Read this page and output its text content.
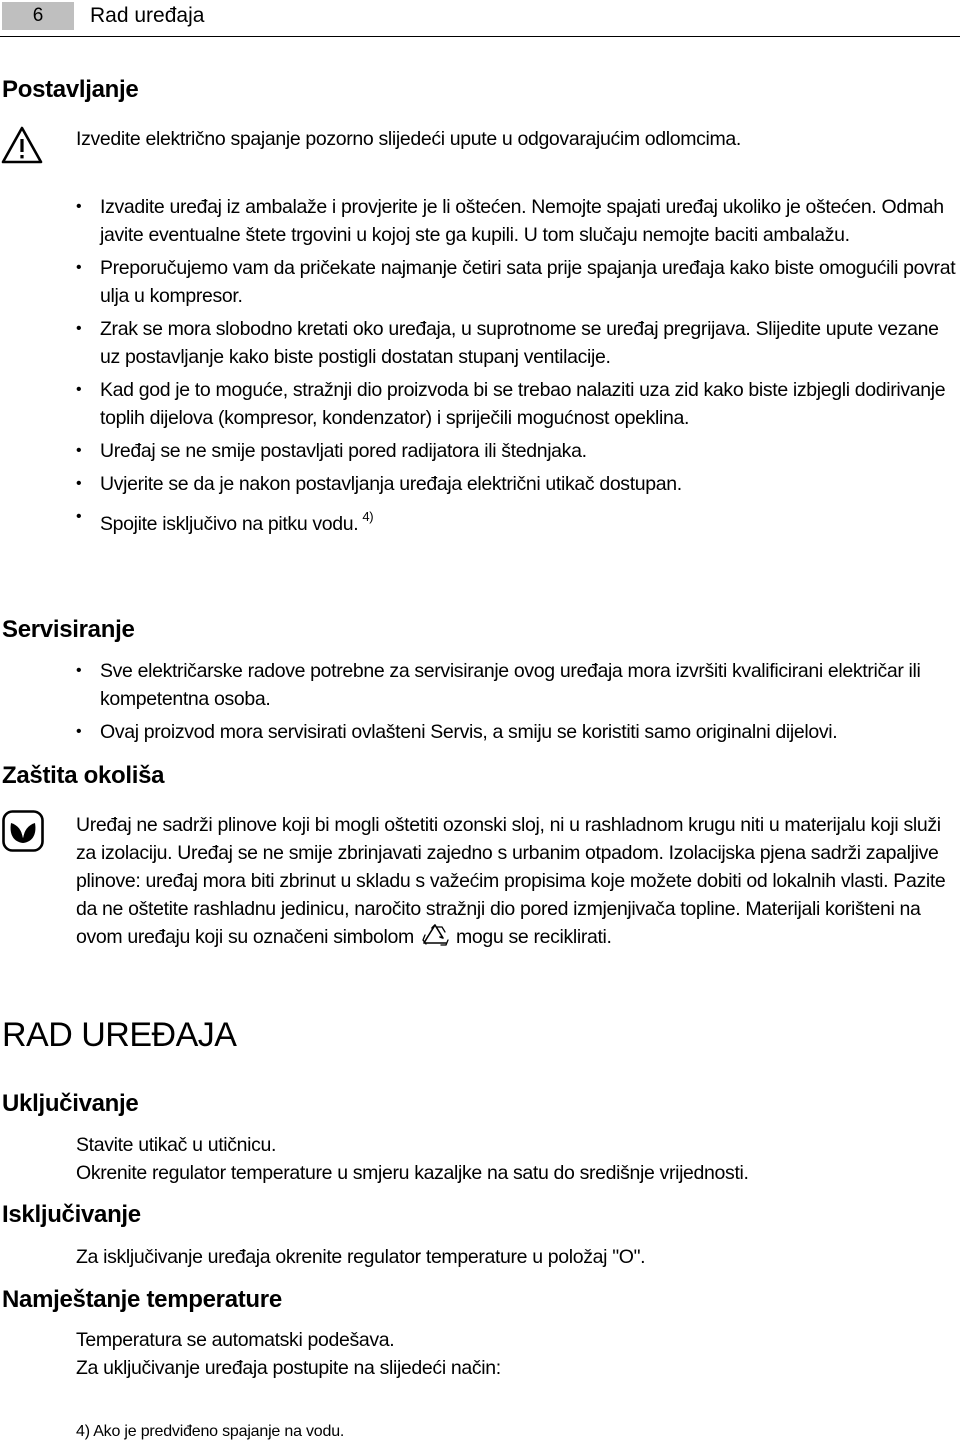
6	Rad uređaja
Postavljanje

Izvedite električno spajanje pozorno slijedeći upute u odgovarajućim odlomcima.

• Izvadite uređaj iz ambalaže i provjerite je li oštećen. Nemojte spajati uređaj ukoliko je oštećen. Odmah javite eventualne štete trgovini u kojoj ste ga kupili. U tom slučaju nemojte baciti ambalažu.
• Preporučujemo vam da pričekate najmanje četiri sata prije spajanja uređaja kako biste omogućili povrat ulja u kompresor.
• Zrak se mora slobodno kretati oko uređaja, u suprotnome se uređaj pregrijava. Slijedite upute vezane uz postavljanje kako biste postigli dostatan stupanj ventilacije.
• Kad god je to moguće, stražnji dio proizvoda bi se trebao nalaziti uza zid kako biste izbjegli dodirivanje toplih dijelova (kompresor, kondenzator) i spriječili mogućnost opeklina.
• Uređaj se ne smije postavljati pored radijatora ili štednjaka.
• Uvjerite se da je nakon postavljanja uređaja električni utikač dostupan.
• Spojite isključivo na pitku vodu. $^{4)}$
Servisiranje
• Sve električarske radove potrebne za servisiranje ovog uređaja mora izvršiti kvalificirani električar ili kompetentna osoba.
• Ovaj proizvod mora servisirati ovlašteni Servis, a smiju se koristiti samo originalni dijelovi.
Zaštita okoliša

Uređaj ne sadrži plinove koji bi mogli oštetiti ozonski sloj, ni u rashladnom krugu niti u materijalu koji služi za izolaciju. Uređaj se ne smije zbrinjavati zajedno s urbanim otpadom. Izolacijska pjena sadrži zapaljive plinove: uređaj mora biti zbrinut u skladu s važećim propisima koje možete dobiti od lokalnih vlasti. Pazite da ne oštetite rashladnu jedinicu, naročito stražnji dio pored izmjenjivača topline. Materijali korišteni na ovom uređaju koji su označeni simbolom mogu se reciklirati.

RAD UREĐAJA
Uključivanje

Stavite utikač u utičnicu.

Okrenite regulator temperature u smjeru kazaljke na satu do središnje vrijednosti.

Isključivanje

Za isključivanje uređaja okrenite regulator temperature u položaj "O".

Namještanje temperature

Temperatura se automatski podešava.

Za uključivanje uređaja postupite na slijedeći način:

4) Ako je predviđeno spajanje na vodu.
